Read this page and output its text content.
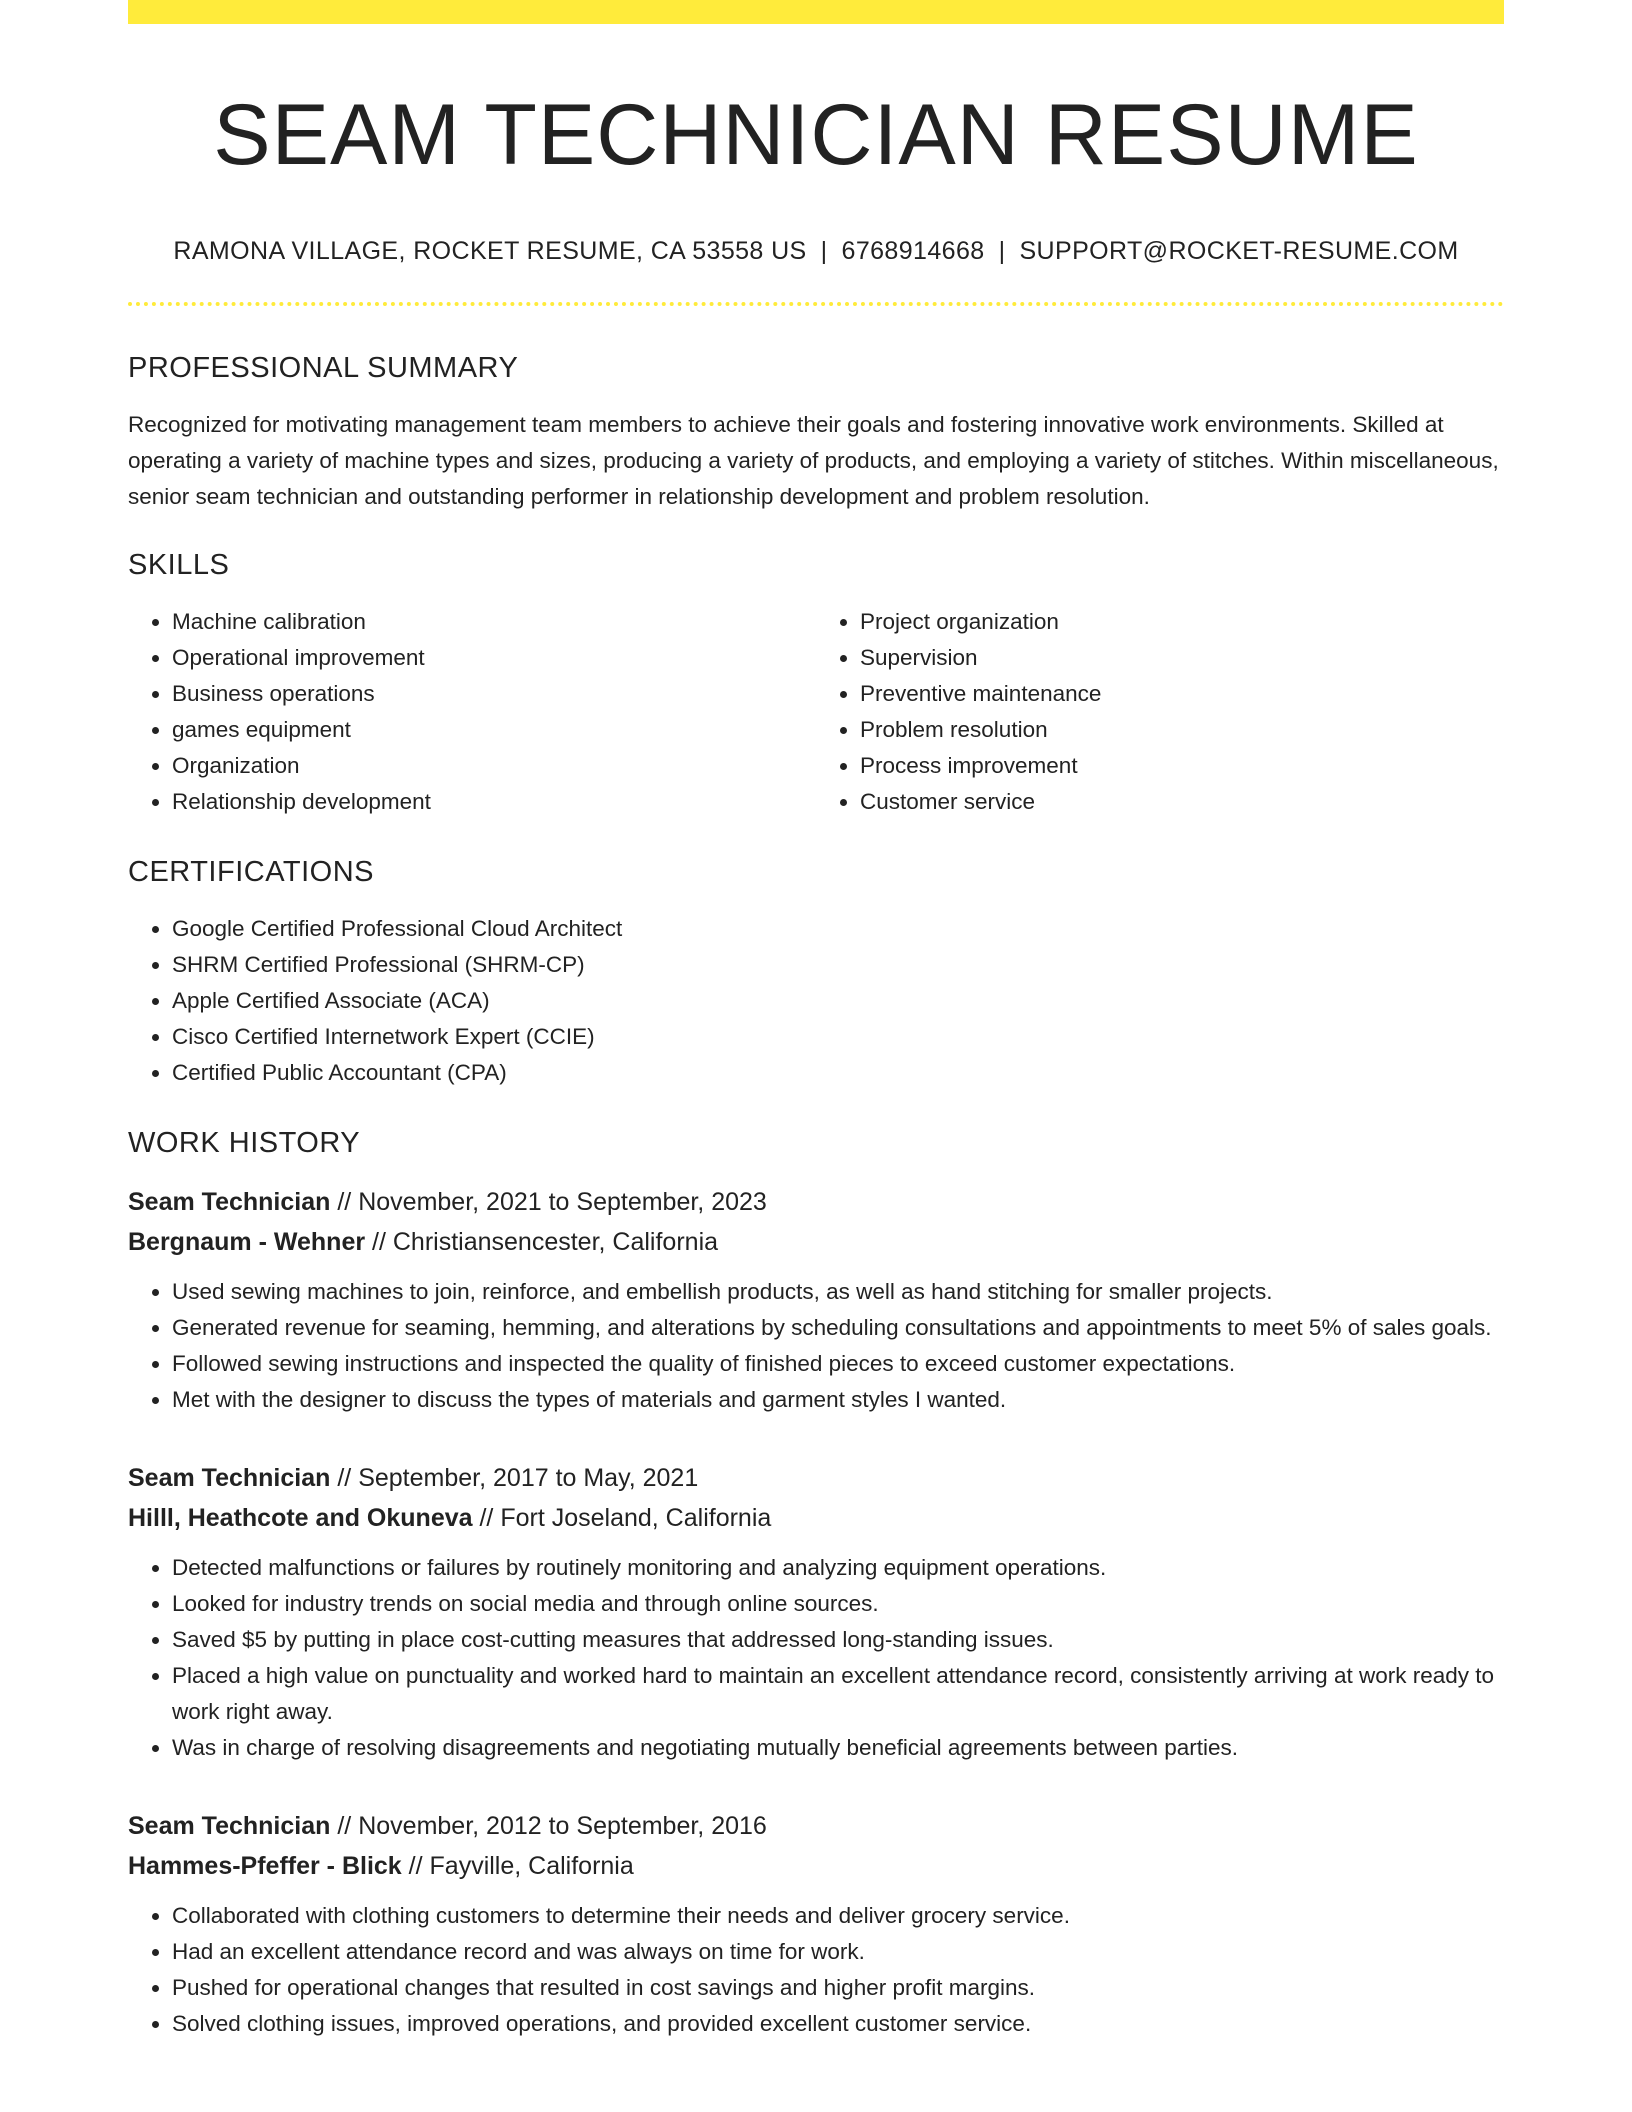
SEAM TECHNICIAN RESUME
RAMONA VILLAGE, ROCKET RESUME, CA 53558 US | 6768914668 | SUPPORT@ROCKET-RESUME.COM
PROFESSIONAL SUMMARY
Recognized for motivating management team members to achieve their goals and fostering innovative work environments. Skilled at operating a variety of machine types and sizes, producing a variety of products, and employing a variety of stitches. Within miscellaneous, senior seam technician and outstanding performer in relationship development and problem resolution.
SKILLS
• Machine calibration
• Operational improvement
• Business operations
• games equipment
• Organization
• Relationship development
• Project organization
• Supervision
• Preventive maintenance
• Problem resolution
• Process improvement
• Customer service
CERTIFICATIONS
• Google Certified Professional Cloud Architect
• SHRM Certified Professional (SHRM-CP)
• Apple Certified Associate (ACA)
• Cisco Certified Internetwork Expert (CCIE)
• Certified Public Accountant (CPA)
WORK HISTORY
Seam Technician // November, 2021 to September, 2023
Bergnaum - Wehner // Christiansencester, California
• Used sewing machines to join, reinforce, and embellish products, as well as hand stitching for smaller projects.
• Generated revenue for seaming, hemming, and alterations by scheduling consultations and appointments to meet 5% of sales goals.
• Followed sewing instructions and inspected the quality of finished pieces to exceed customer expectations.
• Met with the designer to discuss the types of materials and garment styles I wanted.
Seam Technician // September, 2017 to May, 2021
Hilll, Heathcote and Okuneva // Fort Joseland, California
• Detected malfunctions or failures by routinely monitoring and analyzing equipment operations.
• Looked for industry trends on social media and through online sources.
• Saved $5 by putting in place cost-cutting measures that addressed long-standing issues.
• Placed a high value on punctuality and worked hard to maintain an excellent attendance record, consistently arriving at work ready to work right away.
• Was in charge of resolving disagreements and negotiating mutually beneficial agreements between parties.
Seam Technician // November, 2012 to September, 2016
Hammes-Pfeffer - Blick // Fayville, California
• Collaborated with clothing customers to determine their needs and deliver grocery service.
• Had an excellent attendance record and was always on time for work.
• Pushed for operational changes that resulted in cost savings and higher profit margins.
• Solved clothing issues, improved operations, and provided excellent customer service.
